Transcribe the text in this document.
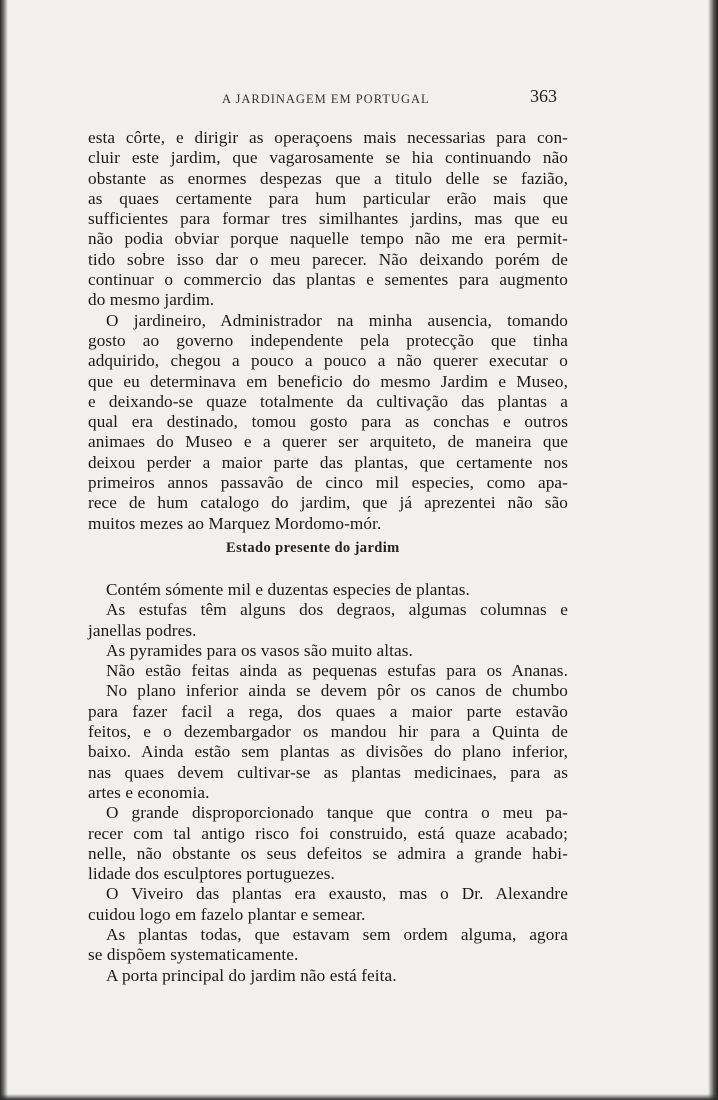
A JARDINAGEM EM PORTUGAL	363
esta côrte, e dirigir as operaçoens mais necessarias para con-
cluir este jardim, que vagarosamente se hia continuando não
obstante as enormes despezas que a titulo delle se fazião,
as quaes certamente para hum particular erão mais que
sufficientes para formar tres similhantes jardins, mas que eu
não podia obviar porque naquelle tempo não me era permit-
tido sobre isso dar o meu parecer. Não deixando porém de
continuar o commercio das plantas e sementes para augmento
do mesmo jardim.
O jardineiro, Administrador na minha ausencia, tomando
gosto ao governo independente pela protecção que tinha
adquirido, chegou a pouco a pouco a não querer executar o
que eu determinava em beneficio do mesmo Jardim e Museo,
e deixando-se quaze totalmente da cultivação das plantas a
qual era destinado, tomou gosto para as conchas e outros
animaes do Museo e a querer ser arquiteto, de maneira que
deixou perder a maior parte das plantas, que certamente nos
primeiros annos passavão de cinco mil especies, como apa-
rece de hum catalogo do jardim, que já aprezentei não são
muitos mezes ao Marquez Mordomo-mór.
Estado presente do jardim
Contém sómente mil e duzentas especies de plantas.
As estufas têm alguns dos degraos, algumas columnas e
janellas podres.
As pyramides para os vasos são muito altas.
Não estão feitas ainda as pequenas estufas para os Ananas.
No plano inferior ainda se devem pôr os canos de chumbo
para fazer facil a rega, dos quaes a maior parte estavão
feitos, e o dezembargador os mandou hir para a Quinta de
baixo. Ainda estão sem plantas as divisões do plano inferior,
nas quaes devem cultivar-se as plantas medicinaes, para as
artes e economia.
O grande disproporcionado tanque que contra o meu pa-
recer com tal antigo risco foi construido, está quaze acabado;
nelle, não obstante os seus defeitos se admira a grande habi-
lidade dos esculptores portuguezes.
O Viveiro das plantas era exausto, mas o Dr. Alexandre
cuidou logo em fazelo plantar e semear.
As plantas todas, que estavam sem ordem alguma, agora
se dispõem systematicamente.
A porta principal do jardim não está feita.
